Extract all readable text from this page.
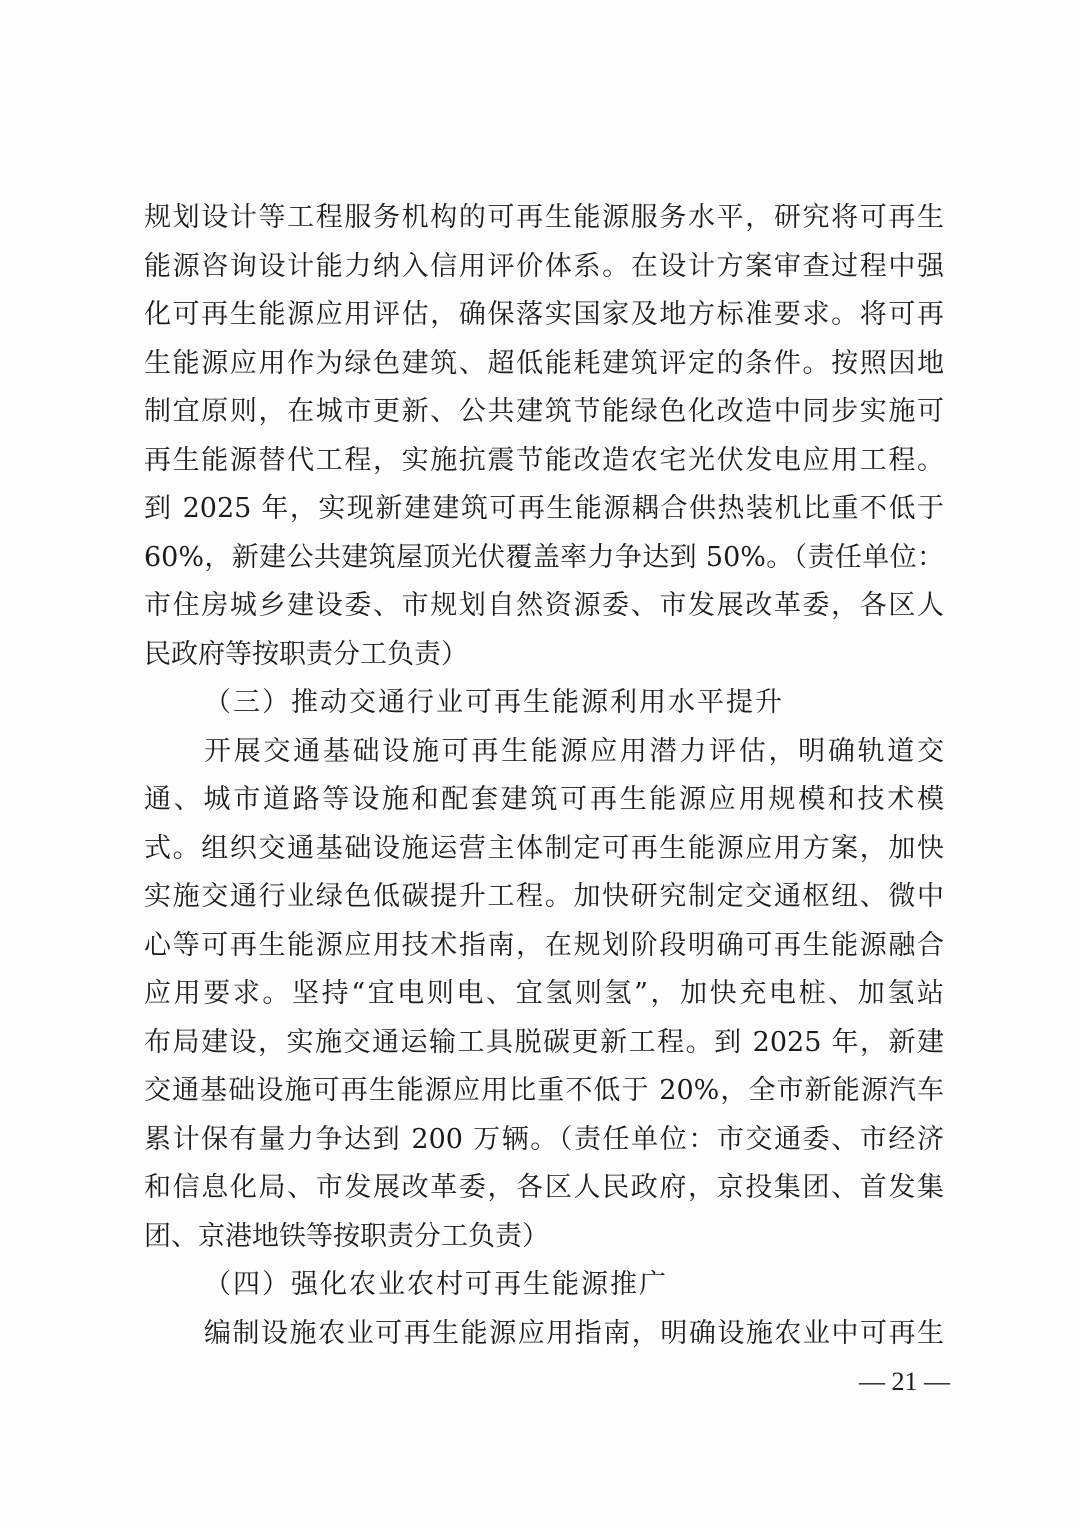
规划设计等工程服务机构的可再生能源服务水平，研究将可再生
能源咨询设计能力纳入信用评价体系。在设计方案审查过程中强
化可再生能源应用评估，确保落实国家及地方标准要求。将可再
生能源应用作为绿色建筑、超低能耗建筑评定的条件。按照因地
制宜原则，在城市更新、公共建筑节能绿色化改造中同步实施可
再生能源替代工程，实施抗震节能改造农宅光伏发电应用工程。
到 2025 年，实现新建建筑可再生能源耦合供热装机比重不低于
60%，新建公共建筑屋顶光伏覆盖率力争达到 50%。（责任单位：
市住房城乡建设委、市规划自然资源委、市发展改革委，各区人
民政府等按职责分工负责）
（三）推动交通行业可再生能源利用水平提升
开展交通基础设施可再生能源应用潜力评估，明确轨道交
通、城市道路等设施和配套建筑可再生能源应用规模和技术模
式。组织交通基础设施运营主体制定可再生能源应用方案，加快
实施交通行业绿色低碳提升工程。加快研究制定交通枢纽、微中
心等可再生能源应用技术指南，在规划阶段明确可再生能源融合
应用要求。坚持“宜电则电、宜氢则氢”，加快充电桩、加氢站
布局建设，实施交通运输工具脱碳更新工程。到 2025 年，新建
交通基础设施可再生能源应用比重不低于 20%，全市新能源汽车
累计保有量力争达到 200 万辆。（责任单位：市交通委、市经济
和信息化局、市发展改革委，各区人民政府，京投集团、首发集
团、京港地铁等按职责分工负责）
（四）强化农业农村可再生能源推广
编制设施农业可再生能源应用指南，明确设施农业中可再生
— 21 —
